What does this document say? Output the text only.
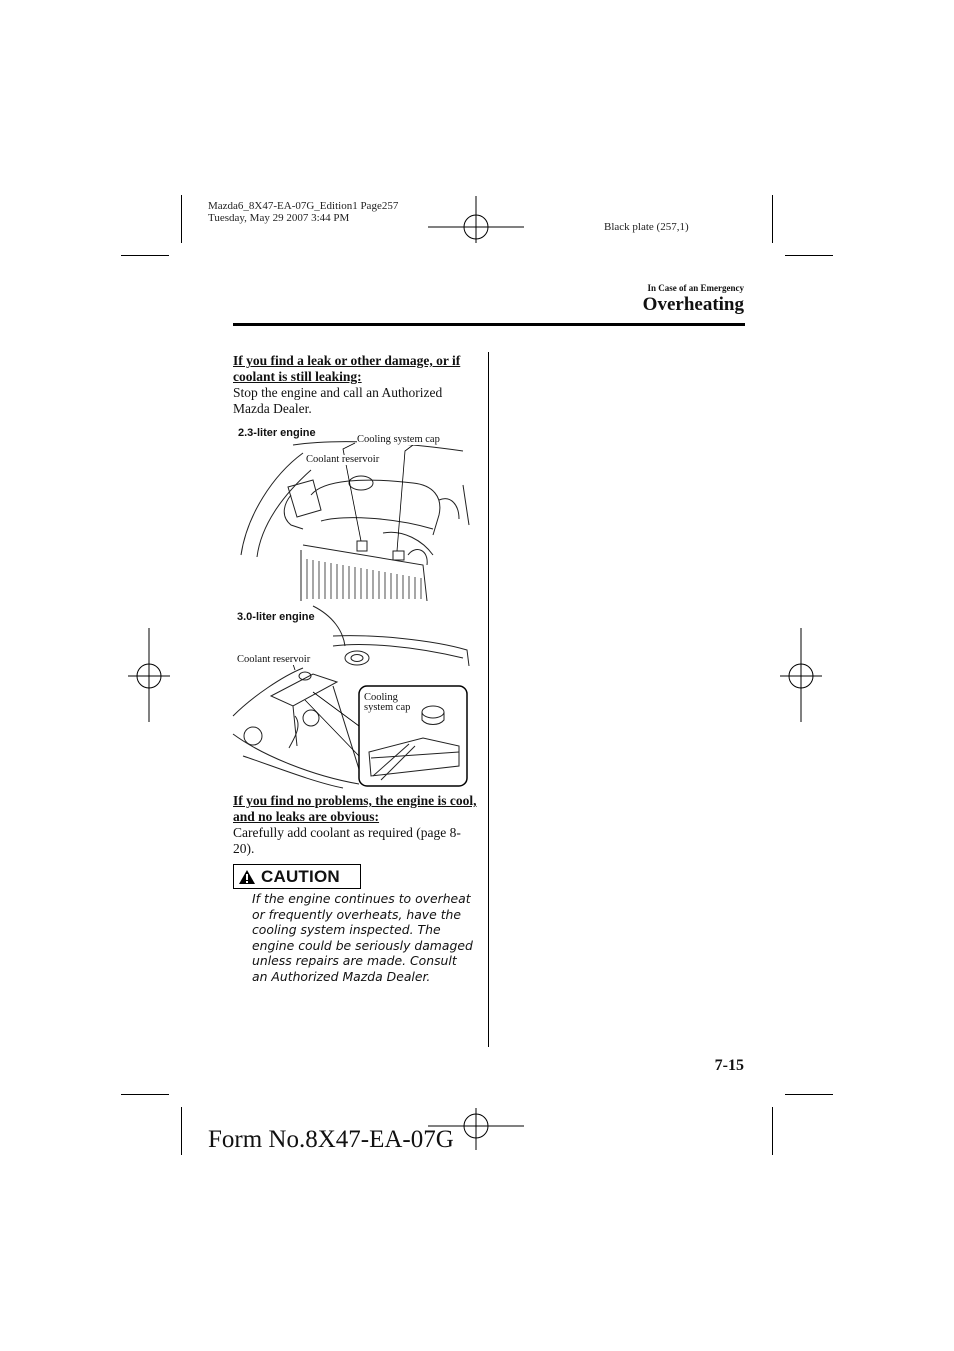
Mazda6_8X47-EA-07G_Edition1 Page257
Tuesday, May 29 2007 3:44 PM
Black plate (257,1)
In Case of an Emergency
Overheating
If you find a leak or other damage, or if coolant is still leaking:
Stop the engine and call an Authorized Mazda Dealer.
2.3-liter engine
Cooling system cap
Coolant reservoir
3.0-liter engine
Coolant reservoir
Cooling
system cap
If you find no problems, the engine is cool, and no leaks are obvious:
Carefully add coolant as required (page 8-20).
CAUTION
If the engine continues to overheat or frequently overheats, have the cooling system inspected. The engine could be seriously damaged unless repairs are made. Consult an Authorized Mazda Dealer.
7-15
Form No.8X47-EA-07G
